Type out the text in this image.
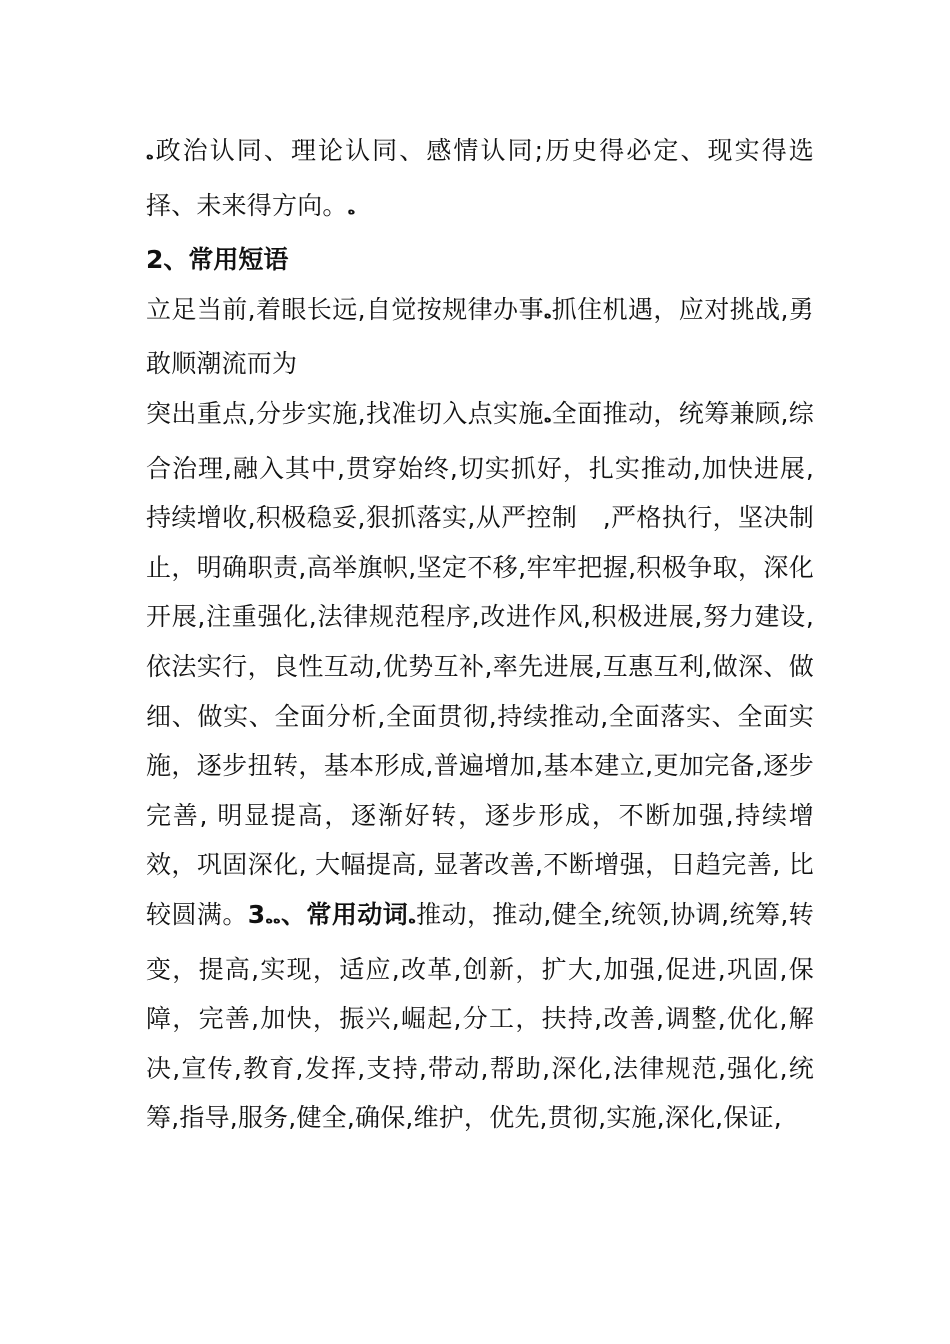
ە政治认同、理论认同、感情认同;历史得必定、现实得选择、未来得方向。ە

2、常用短语

立足当前,着眼长远,自觉按规律办事ە抓住机遇，应对挑战,勇敢顺潮流而为

突出重点,分步实施,找准切入点实施ە全面推动，统筹兼顾,综合治理,融入其中,贯穿始终,切实抓好，扎实推动,加快进展,持续增收,积极稳妥,狠抓落实,从严控制　,严格执行，坚决制止，明确职责,高举旗帜,坚定不移,牢牢把握,积极争取，深化开展,注重强化,法律规范程序,改进作风,积极进展,努力建设,依法实行，良性互动,优势互补,率先进展,互惠互利,做深、做细、做实、全面分析,全面贯彻,持续推动,全面落实、全面实施，逐步扭转，基本形成,普遍增加,基本建立,更加完备,逐步完善, 明显提高，逐渐好转，逐步形成，不断加强,持续增效，巩固深化, 大幅提高, 显著改善,不断增强，日趋完善, 比较圆满。3ەە、常用动词ە推动，推动,健全,统领,协调,统筹,转变，提高,实现，适应,改革,创新，扩大,加强,促进,巩固,保障，完善,加快，振兴,崛起,分工，扶持,改善,调整,优化,解决,宣传,教育,发挥,支持,带动,帮助,深化,法律规范,强化,统筹,指导,服务,健全,确保,维护，优先,贯彻,实施,深化,保证,
